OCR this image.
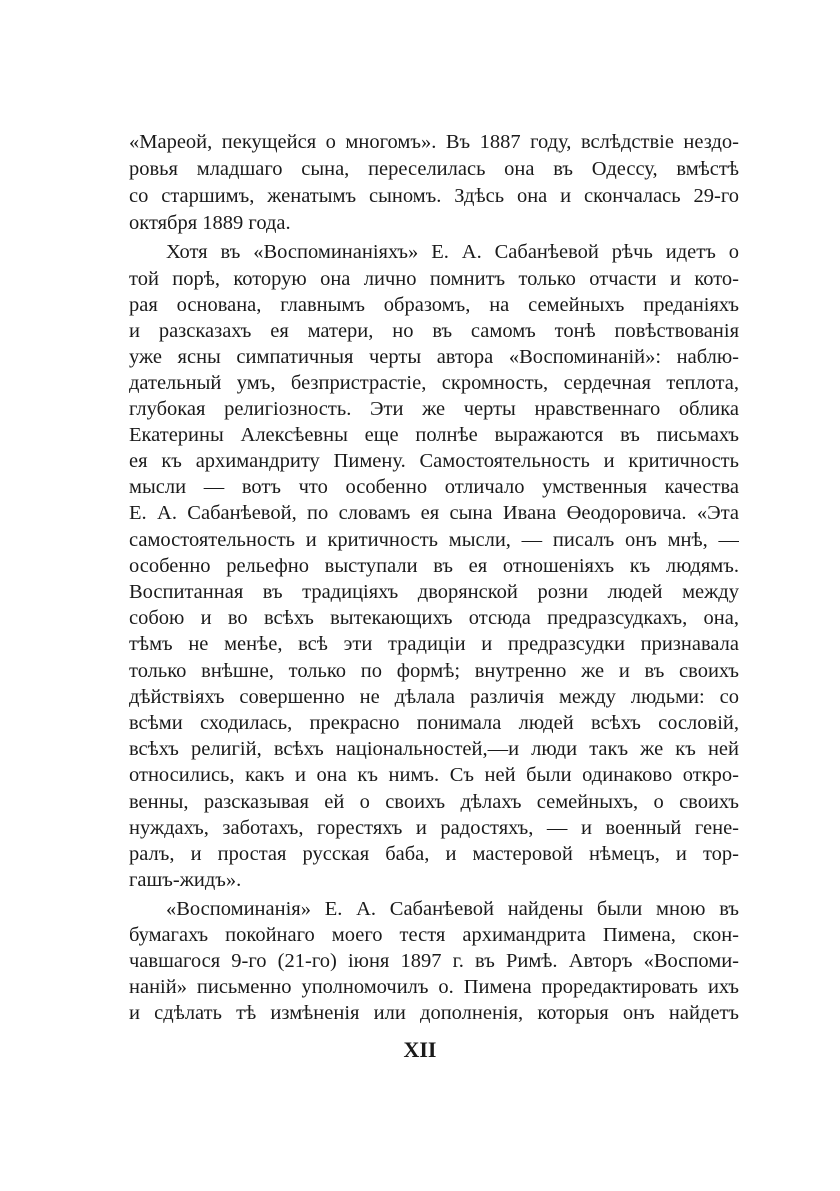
«Мареой, пекущейся о многомъ». Въ 1887 году, вслѣдствіе нездо-
ровья младшаго сына, переселилась она въ Одессу, вмѣстѣ
со старшимъ, женатымъ сыномъ. Здѣсь она и скончалась 29-го
октября 1889 года.
Хотя въ «Воспоминаніяхъ» Е. А. Сабанѣевой рѣчь идетъ о
той порѣ, которую она лично помнитъ только отчасти и кото-
рая основана, главнымъ образомъ, на семейныхъ преданіяхъ
и разсказахъ ея матери, но въ самомъ тонѣ повѣствованія
уже ясны симпатичныя черты автора «Воспоминаній»: наблю-
дательный умъ, безпристрастіе, скромность, сердечная теплота,
глубокая религіозность. Эти же черты нравственнаго облика
Екатерины Алексѣевны еще полнѣе выражаются въ письмахъ
ея къ архимандриту Пимену. Самостоятельность и критичность
мысли — вотъ что особенно отличало умственныя качества
Е. А. Сабанѣевой, по словамъ ея сына Ивана Өеодоровича. «Эта
самостоятельность и критичность мысли, — писалъ онъ мнѣ, —
особенно рельефно выступали въ ея отношеніяхъ къ людямъ.
Воспитанная въ традиціяхъ дворянской розни людей между
собою и во всѣхъ вытекающихъ отсюда предразсудкахъ, она,
тѣмъ не менѣе, всѣ эти традиціи и предразсудки признавала
только внѣшне, только по формѣ; внутренно же и въ своихъ
дѣйствіяхъ совершенно не дѣлала различія между людьми: со
всѣми сходилась, прекрасно понимала людей всѣхъ сословій,
всѣхъ религій, всѣхъ національностей,—и люди такъ же къ ней
относились, какъ и она къ нимъ. Съ ней были одинаково откро-
венны, разсказывая ей о своихъ дѣлахъ семейныхъ, о своихъ
нуждахъ, заботахъ, горестяхъ и радостяхъ, — и военный гене-
ралъ, и простая русская баба, и мастеровой нѣмецъ, и тор-
гашъ-жидъ».
«Воспоминанія» Е. А. Сабанѣевой найдены были мною въ
бумагахъ покойнаго моего тестя архимандрита Пимена, скон-
чавшагося 9-го (21-го) іюня 1897 г. въ Римѣ. Авторъ «Воспоми-
наній» письменно уполномочилъ о. Пимена проредактировать ихъ
и сдѣлать тѣ измѣненія или дополненія, которыя онъ найдетъ
XII
